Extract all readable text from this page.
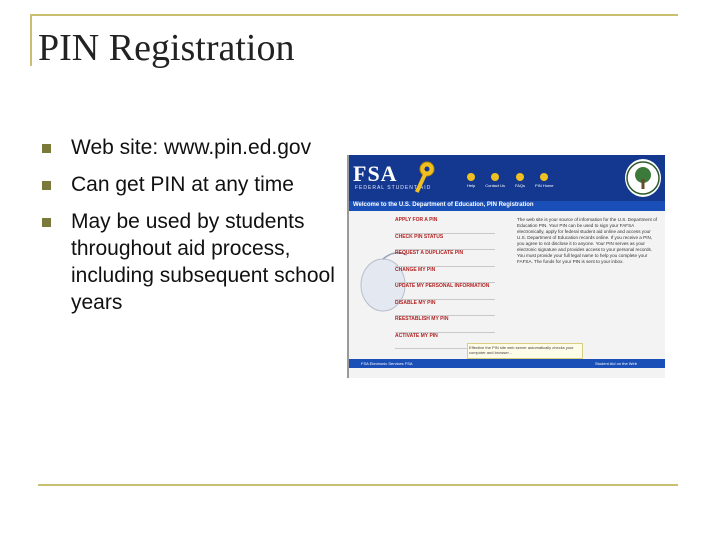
PIN Registration
Web site: www.pin.ed.gov
Can get PIN at any time
May be used by students throughout aid process, including subsequent school years
FSA
FEDERAL STUDENT AID	Help	Contact Us	FAQs	PIN Home
Welcome to the U.S. Department of Education, PIN Registration
APPLY FOR A PIN
CHECK PIN STATUS
REQUEST A DUPLICATE PIN
CHANGE MY PIN
UPDATE MY PERSONAL INFORMATION
DISABLE MY PIN
REESTABLISH MY PIN
ACTIVATE MY PIN
The web site is your source of information for the U.S. Department of Education PIN. Your PIN can be used to sign your FAFSA electronically, apply for federal student aid online and access your U.S. Department of Education records online. If you receive a PIN, you agree to not disclose it to anyone. Your PIN serves as your electronic signature and provides access to your personal records. You must provide your full legal name to help you complete your FAFSA. The funds for your PIN is sent to your inbox.
Effective the PIN site web server automatically checks your computer and browser...
FSA Electronic Services FSA	Student Aid on the Web
